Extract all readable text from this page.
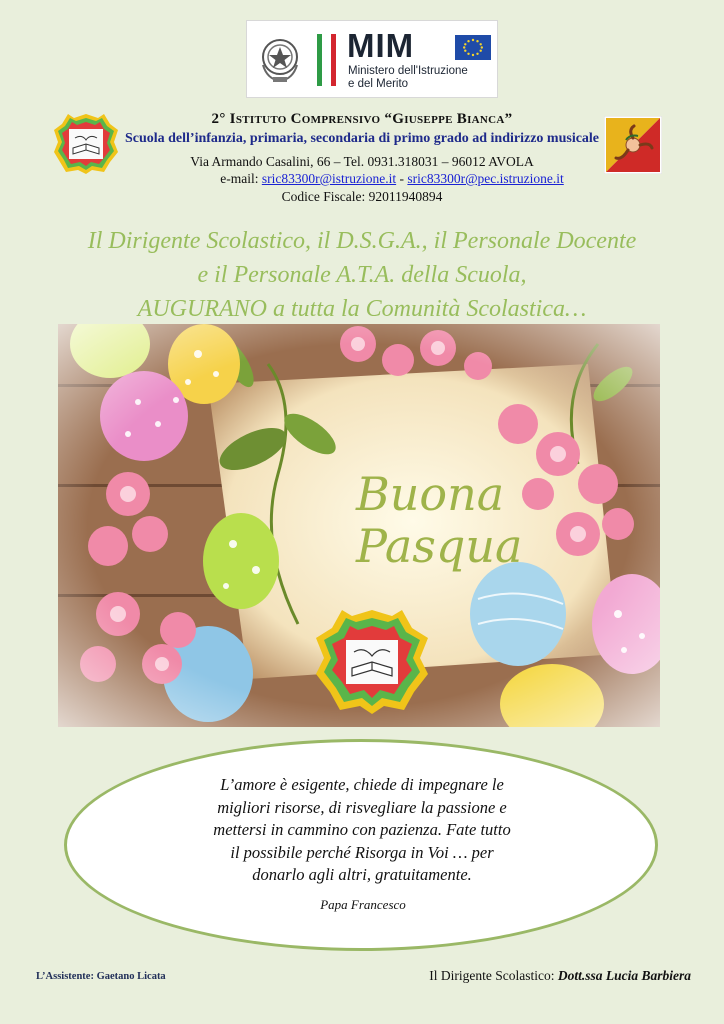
MIM
Ministero dell'Istruzione
e del Merito
2° Istituto Comprensivo “Giuseppe Bianca”
Scuola dell’infanzia, primaria, secondaria di primo grado ad indirizzo musicale
Via Armando Casalini, 66 – Tel. 0931.318031 – 96012 AVOLA
e-mail: sric83300r@istruzione.it - sric83300r@pec.istruzione.it
Codice Fiscale: 92011940894
Il Dirigente Scolastico, il D.S.G.A., il Personale Docente
e il Personale A.T.A. della Scuola,
AUGURANO a tutta la Comunità Scolastica…
Buona
Pasqua
L’amore è esigente, chiede di impegnare le
migliori risorse, di risvegliare la passione e
mettersi in cammino con pazienza. Fate tutto
il possibile perché Risorga in Voi … per
donarlo agli altri, gratuitamente.
Papa Francesco
L’Assistente: Gaetano Licata	Il Dirigente Scolastico: Dott.ssa Lucia Barbiera
